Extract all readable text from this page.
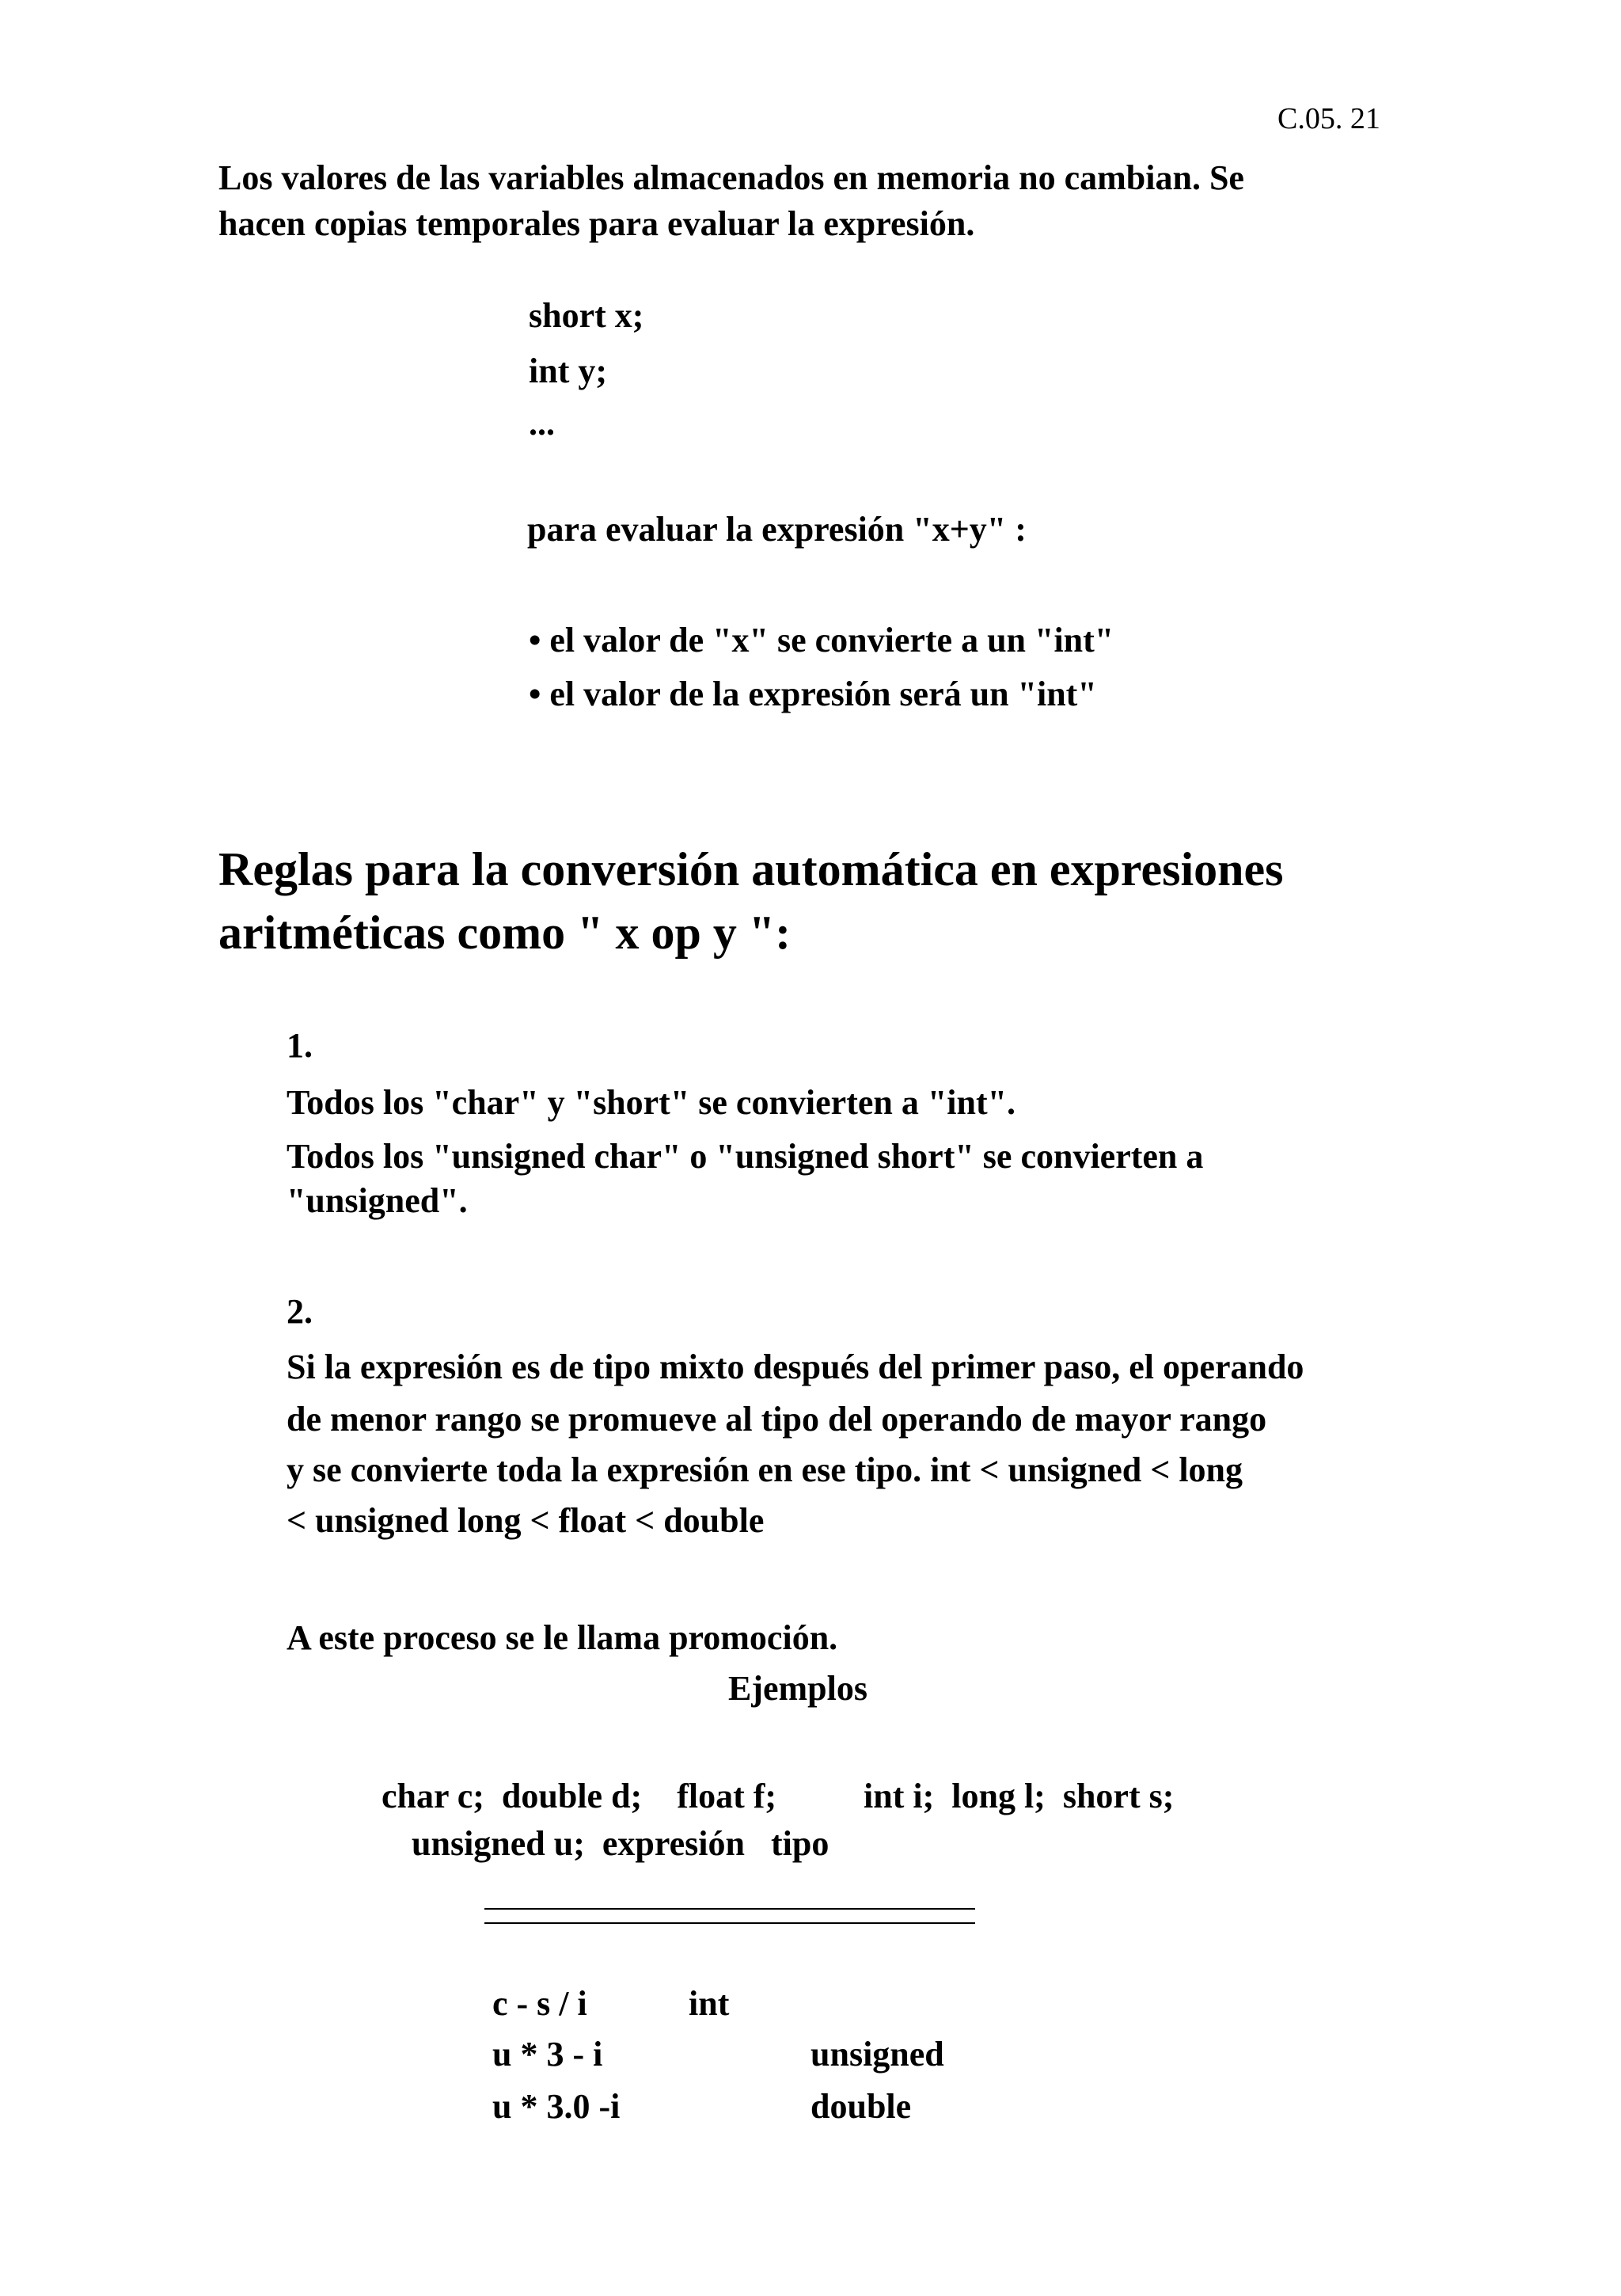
C.05. 21
Los valores de las variables almacenados en memoria no cambian. Se
hacen copias temporales para evaluar la expresión.
short x;
int y;
...
para evaluar la expresión "x+y" :
• el valor de "x" se convierte a un "int"
• el valor de la expresión será un "int"
Reglas para la conversión automática en expresiones
aritméticas como " x op y ":
1.
Todos los "char" y "short" se convierten a "int".
Todos los "unsigned char" o "unsigned short" se convierten a
"unsigned".
2.
Si la expresión es de tipo mixto después del primer paso, el operando
de menor rango se promueve al tipo del operando de mayor rango
y se convierte toda la expresión en ese tipo. int < unsigned < long
< unsigned long < float < double
A este proceso se le llama promoción.
Ejemplos
char c;  double d;    float f;          int i;  long l;  short s;
unsigned u;  expresión   tipo
c - s / i	int
u * 3 - i	unsigned
u * 3.0 -i	double
